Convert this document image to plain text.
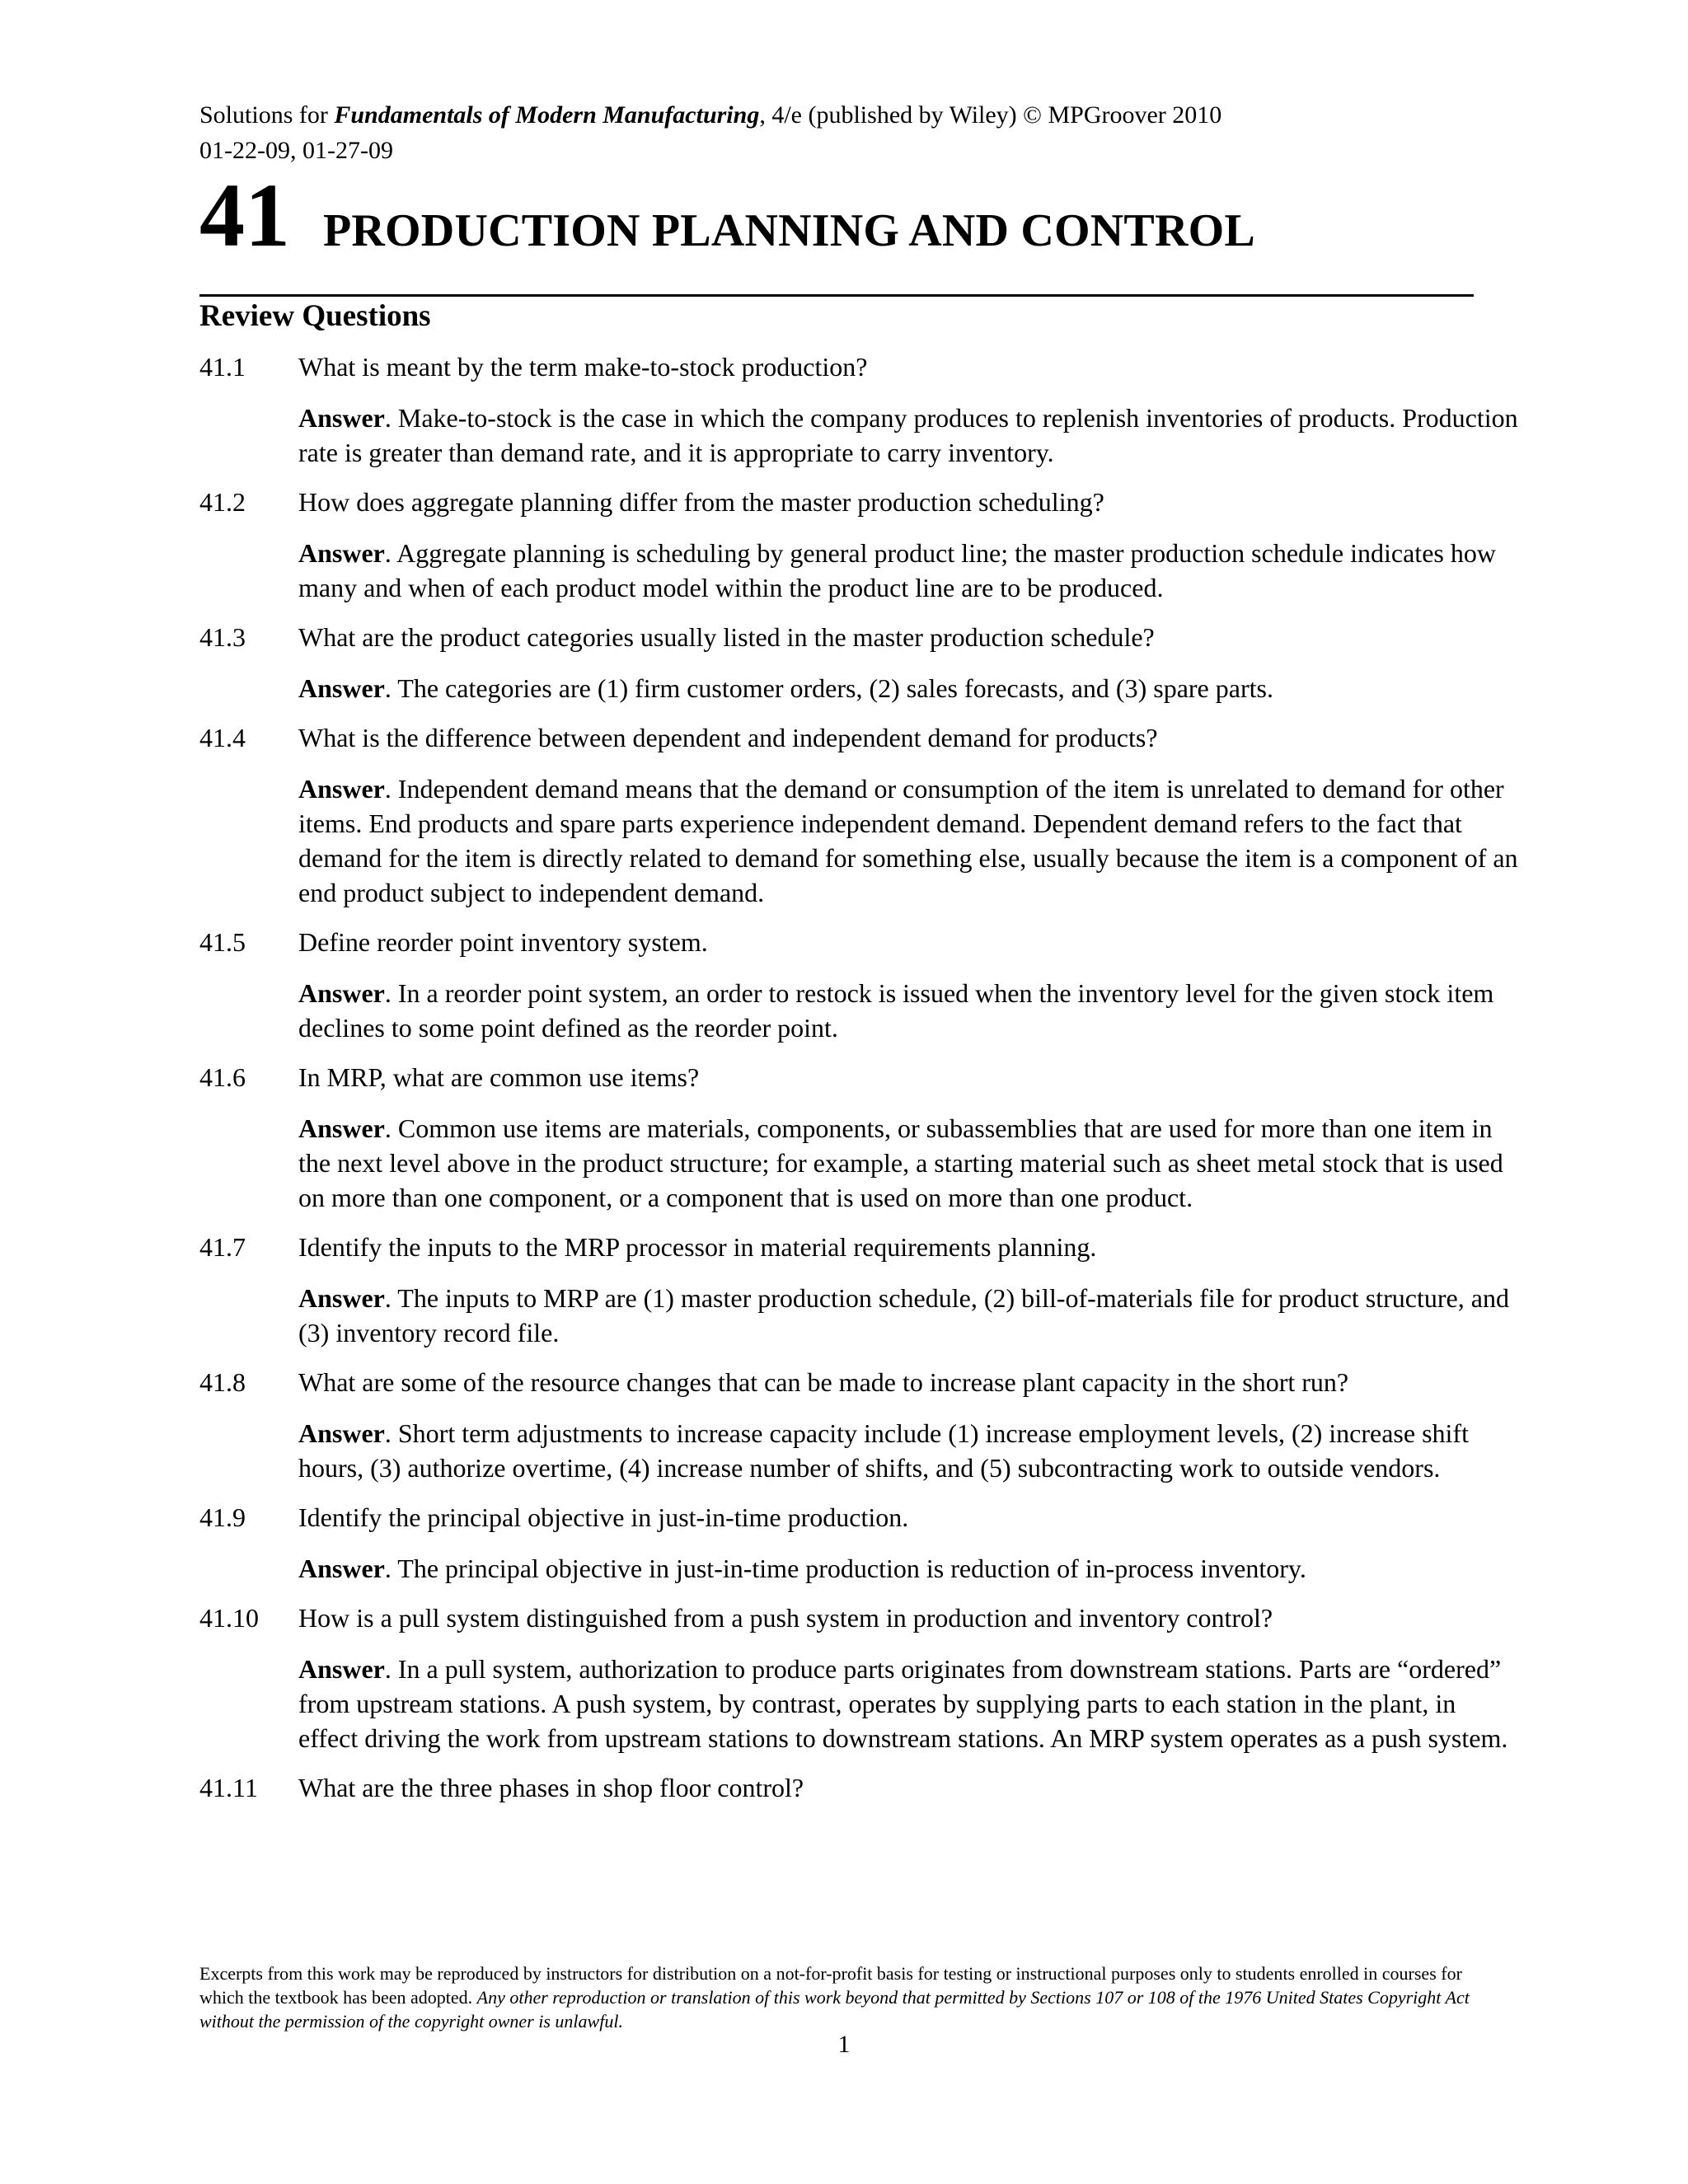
Solutions for Fundamentals of Modern Manufacturing, 4/e (published by Wiley) © MPGroover 2010
01-22-09, 01-27-09
41 PRODUCTION PLANNING AND CONTROL
Review Questions
41.1	What is meant by the term make-to-stock production?
Answer. Make-to-stock is the case in which the company produces to replenish inventories of products. Production rate is greater than demand rate, and it is appropriate to carry inventory.
41.2	How does aggregate planning differ from the master production scheduling?
Answer. Aggregate planning is scheduling by general product line; the master production schedule indicates how many and when of each product model within the product line are to be produced.
41.3	What are the product categories usually listed in the master production schedule?
Answer. The categories are (1) firm customer orders, (2) sales forecasts, and (3) spare parts.
41.4	What is the difference between dependent and independent demand for products?
Answer. Independent demand means that the demand or consumption of the item is unrelated to demand for other items. End products and spare parts experience independent demand. Dependent demand refers to the fact that demand for the item is directly related to demand for something else, usually because the item is a component of an end product subject to independent demand.
41.5	Define reorder point inventory system.
Answer. In a reorder point system, an order to restock is issued when the inventory level for the given stock item declines to some point defined as the reorder point.
41.6	In MRP, what are common use items?
Answer. Common use items are materials, components, or subassemblies that are used for more than one item in the next level above in the product structure; for example, a starting material such as sheet metal stock that is used on more than one component, or a component that is used on more than one product.
41.7	Identify the inputs to the MRP processor in material requirements planning.
Answer. The inputs to MRP are (1) master production schedule, (2) bill-of-materials file for product structure, and (3) inventory record file.
41.8	What are some of the resource changes that can be made to increase plant capacity in the short run?
Answer. Short term adjustments to increase capacity include (1) increase employment levels, (2) increase shift hours, (3) authorize overtime, (4) increase number of shifts, and (5) subcontracting work to outside vendors.
41.9	Identify the principal objective in just-in-time production.
Answer. The principal objective in just-in-time production is reduction of in-process inventory.
41.10	How is a pull system distinguished from a push system in production and inventory control?
Answer. In a pull system, authorization to produce parts originates from downstream stations. Parts are “ordered” from upstream stations. A push system, by contrast, operates by supplying parts to each station in the plant, in effect driving the work from upstream stations to downstream stations. An MRP system operates as a push system.
41.11	What are the three phases in shop floor control?
Excerpts from this work may be reproduced by instructors for distribution on a not-for-profit basis for testing or instructional purposes only to students enrolled in courses for which the textbook has been adopted. Any other reproduction or translation of this work beyond that permitted by Sections 107 or 108 of the 1976 United States Copyright Act without the permission of the copyright owner is unlawful.
1
